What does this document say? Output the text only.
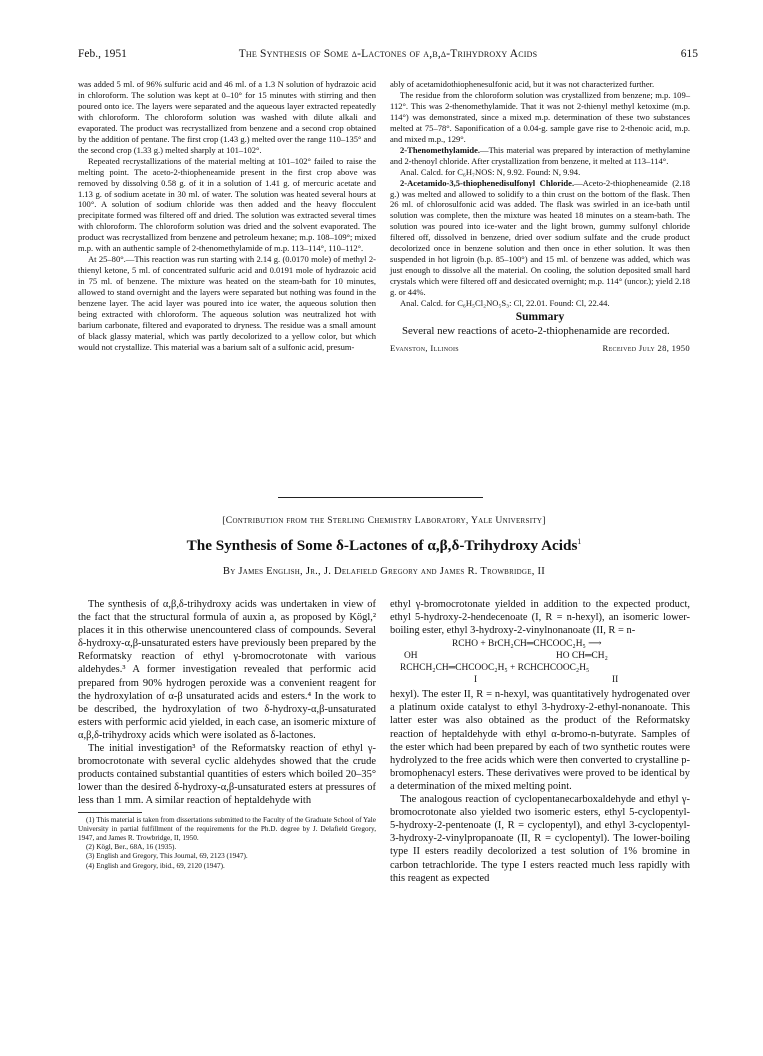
Feb., 1951	The Synthesis of Some δ-Lactones of α,β,δ-Trihydroxy Acids	615

was added 5 ml. of 96% sulfuric acid and 46 ml. of a 1.3 N solution of hydrazoic acid in chloroform. The solution was kept at 0–10° for 15 minutes with stirring and then poured onto ice. The layers were separated and the aqueous layer extracted repeatedly with chloroform. The chloroform solution was washed with dilute alkali and evaporated. The product was recrystallized from benzene and a second crop obtained by the addition of pentane. The first crop (1.43 g.) melted over the range 110–135° and the second crop (1.33 g.) melted sharply at 101–102°.

Repeated recrystallizations of the material melting at 101–102° failed to raise the melting point. The aceto-2-thiopheneamide present in the first crop above was removed by dissolving 0.58 g. of it in a solution of 1.41 g. of mercuric acetate and 1.13 g. of sodium acetate in 30 ml. of water. The solution was heated several hours at 100°. A solution of sodium chloride was then added and the heavy flocculent precipitate formed was filtered off and dried. The solution was extracted several times with chloroform. The chloroform solution was dried and the solvent evaporated. The product was recrystallized from benzene and petroleum hexane; m.p. 108–109°; mixed m.p. with an authentic sample of 2-thenomethylamide of m.p. 113–114°, 110–112°.

At 25–80°.—This reaction was run starting with 2.14 g. (0.0170 mole) of methyl 2-thienyl ketone, 5 ml. of concentrated sulfuric acid and 0.0191 mole of hydrazoic acid in 75 ml. of benzene. The mixture was heated on the steam-bath for 10 minutes, allowed to stand overnight and the layers were separated but nothing was found in the benzene layer. The acid layer was poured into ice water, the aqueous solution then being extracted with chloroform. The aqueous solution was neutralized hot with barium carbonate, filtered and evaporated to dryness. The residue was a small amount of black glassy material, which was partly decolorized to a yellow color, but which would not crystallize. This material was a barium salt of a sulfonic acid, presum-

ably of acetamidothiophenesulfonic acid, but it was not characterized further.

The residue from the chloroform solution was crystallized from benzene; m.p. 109–112°. This was 2-thenomethylamide. That it was not 2-thienyl methyl ketoxime (m.p. 114°) was demonstrated, since a mixed m.p. determination of these two substances melted at 75–78°. Saponification of a 0.04-g. sample gave rise to 2-thenoic acid, m.p. and mixed m.p., 129°.

2-Thenomethylamide.—This material was prepared by interaction of methylamine and 2-thenoyl chloride. After crystallization from benzene, it melted at 113–114°.

Anal. Calcd. for C₆H₇NOS: N, 9.92. Found: N, 9.94.

2-Acetamido-3,5-thiophenedisulfonyl Chloride.—Aceto-2-thiopheneamide (2.18 g.) was melted and allowed to solidify to a thin crust on the bottom of the flask. Then 26 ml. of chlorosulfonic acid was added. The flask was swirled in an ice-bath until solution was complete, then the mixture was heated 18 minutes on a steam-bath. The solution was poured into ice-water and the light brown, gummy sulfonyl chloride filtered off, dissolved in benzene, dried over sodium sulfate and the crude product decolorized once in benzene solution and then once in ether solution. It was then suspended in hot ligroin (b.p. 85–100°) and 15 ml. of benzene was added, which was just enough to dissolve all the material. On cooling, the solution deposited small hard crystals which were filtered off and desiccated overnight; m.p. 114° (uncor.); yield 2.18 g. or 44%.

Anal. Calcd. for C₆H₅Cl₂NO₅S₃: Cl, 22.01. Found: Cl, 22.44.

Summary

Several new reactions of aceto-2-thiophenamide are recorded.

Evanston, Illinois	Received July 28, 1950
[Contribution from the Sterling Chemistry Laboratory, Yale University]
The Synthesis of Some δ-Lactones of α,β,δ-Trihydroxy Acids$^1$
By James English, Jr., J. Delafield Gregory and James R. Trowbridge, II

The synthesis of α,β,δ-trihydroxy acids was undertaken in view of the fact that the structural formula of auxin a, as proposed by Kögl,² places it in this otherwise unencountered class of compounds. Several δ-hydroxy-α,β-unsaturated esters have previously been prepared by the Reformatsky reaction of ethyl γ-bromocrotonate with various aldehydes.³ A former investigation revealed that performic acid prepared from 90% hydrogen peroxide was a convenient reagent for the hydroxylation of α-β unsaturated acids and esters.⁴ In the work to be described, the hydroxylation of two δ-hydroxy-α,β-unsaturated esters with performic acid yielded, in each case, an isomeric mixture of α,β,δ-trihydroxy acids which were isolated as δ-lactones.

The initial investigation³ of the Reformatsky reaction of ethyl γ-bromocrotonate with several cyclic aldehydes showed that the crude products contained substantial quantities of esters which boiled 20–35° lower than the desired δ-hydroxy-α,β-unsaturated esters at pressures of less than 1 mm. A similar reaction of heptaldehyde with

(1) This material is taken from dissertations submitted to the Faculty of the Graduate School of Yale University in partial fulfillment of the requirements for the Ph.D. degree by J. Delafield Gregory, 1947, and James R. Trowbridge, II, 1950.

(2) Kögl, Ber., 68A, 16 (1935).

(3) English and Gregory, This Journal, 69, 2123 (1947).

(4) English and Gregory, ibid., 69, 2120 (1947).

ethyl γ-bromocrotonate yielded in addition to the expected product, ethyl 5-hydroxy-2-hendecenoate (I, R = n-hexyl), an isomeric lower-boiling ester, ethyl 3-hydroxy-2-vinylnonanoate (II, R = n-

RCHO + BrCH₂CH═CHCOOC₂H₅ ⟶
OH	HO CH═CH₂
RCHCH₂CH═CHCOOC₂H₅ + RCHCHCOOC₂H₅
I	II

hexyl). The ester II, R = n-hexyl, was quantitatively hydrogenated over a platinum oxide catalyst to ethyl 3-hydroxy-2-ethyl-nonanoate. This latter ester was also obtained as the product of the Reformatsky reaction of heptaldehyde with ethyl α-bromo-n-butyrate. Samples of the ester which had been prepared by each of two synthetic routes were hydrolyzed to the free acids which were then converted to crystalline p-bromophenacyl esters. These derivatives were proved to be identical by a determination of the mixed melting point.

The analogous reaction of cyclopentanecarboxaldehyde and ethyl γ-bromocrotonate also yielded two isomeric esters, ethyl 5-cyclopentyl-5-hydroxy-2-pentenoate (I, R = cyclopentyl), and ethyl 3-cyclopentyl-3-hydroxy-2-vinylpropanoate (II, R = cyclopentyl). The lower-boiling type II esters readily decolorized a test solution of 1% bromine in carbon tetrachloride. The type I esters reacted much less rapidly with this reagent as expected
